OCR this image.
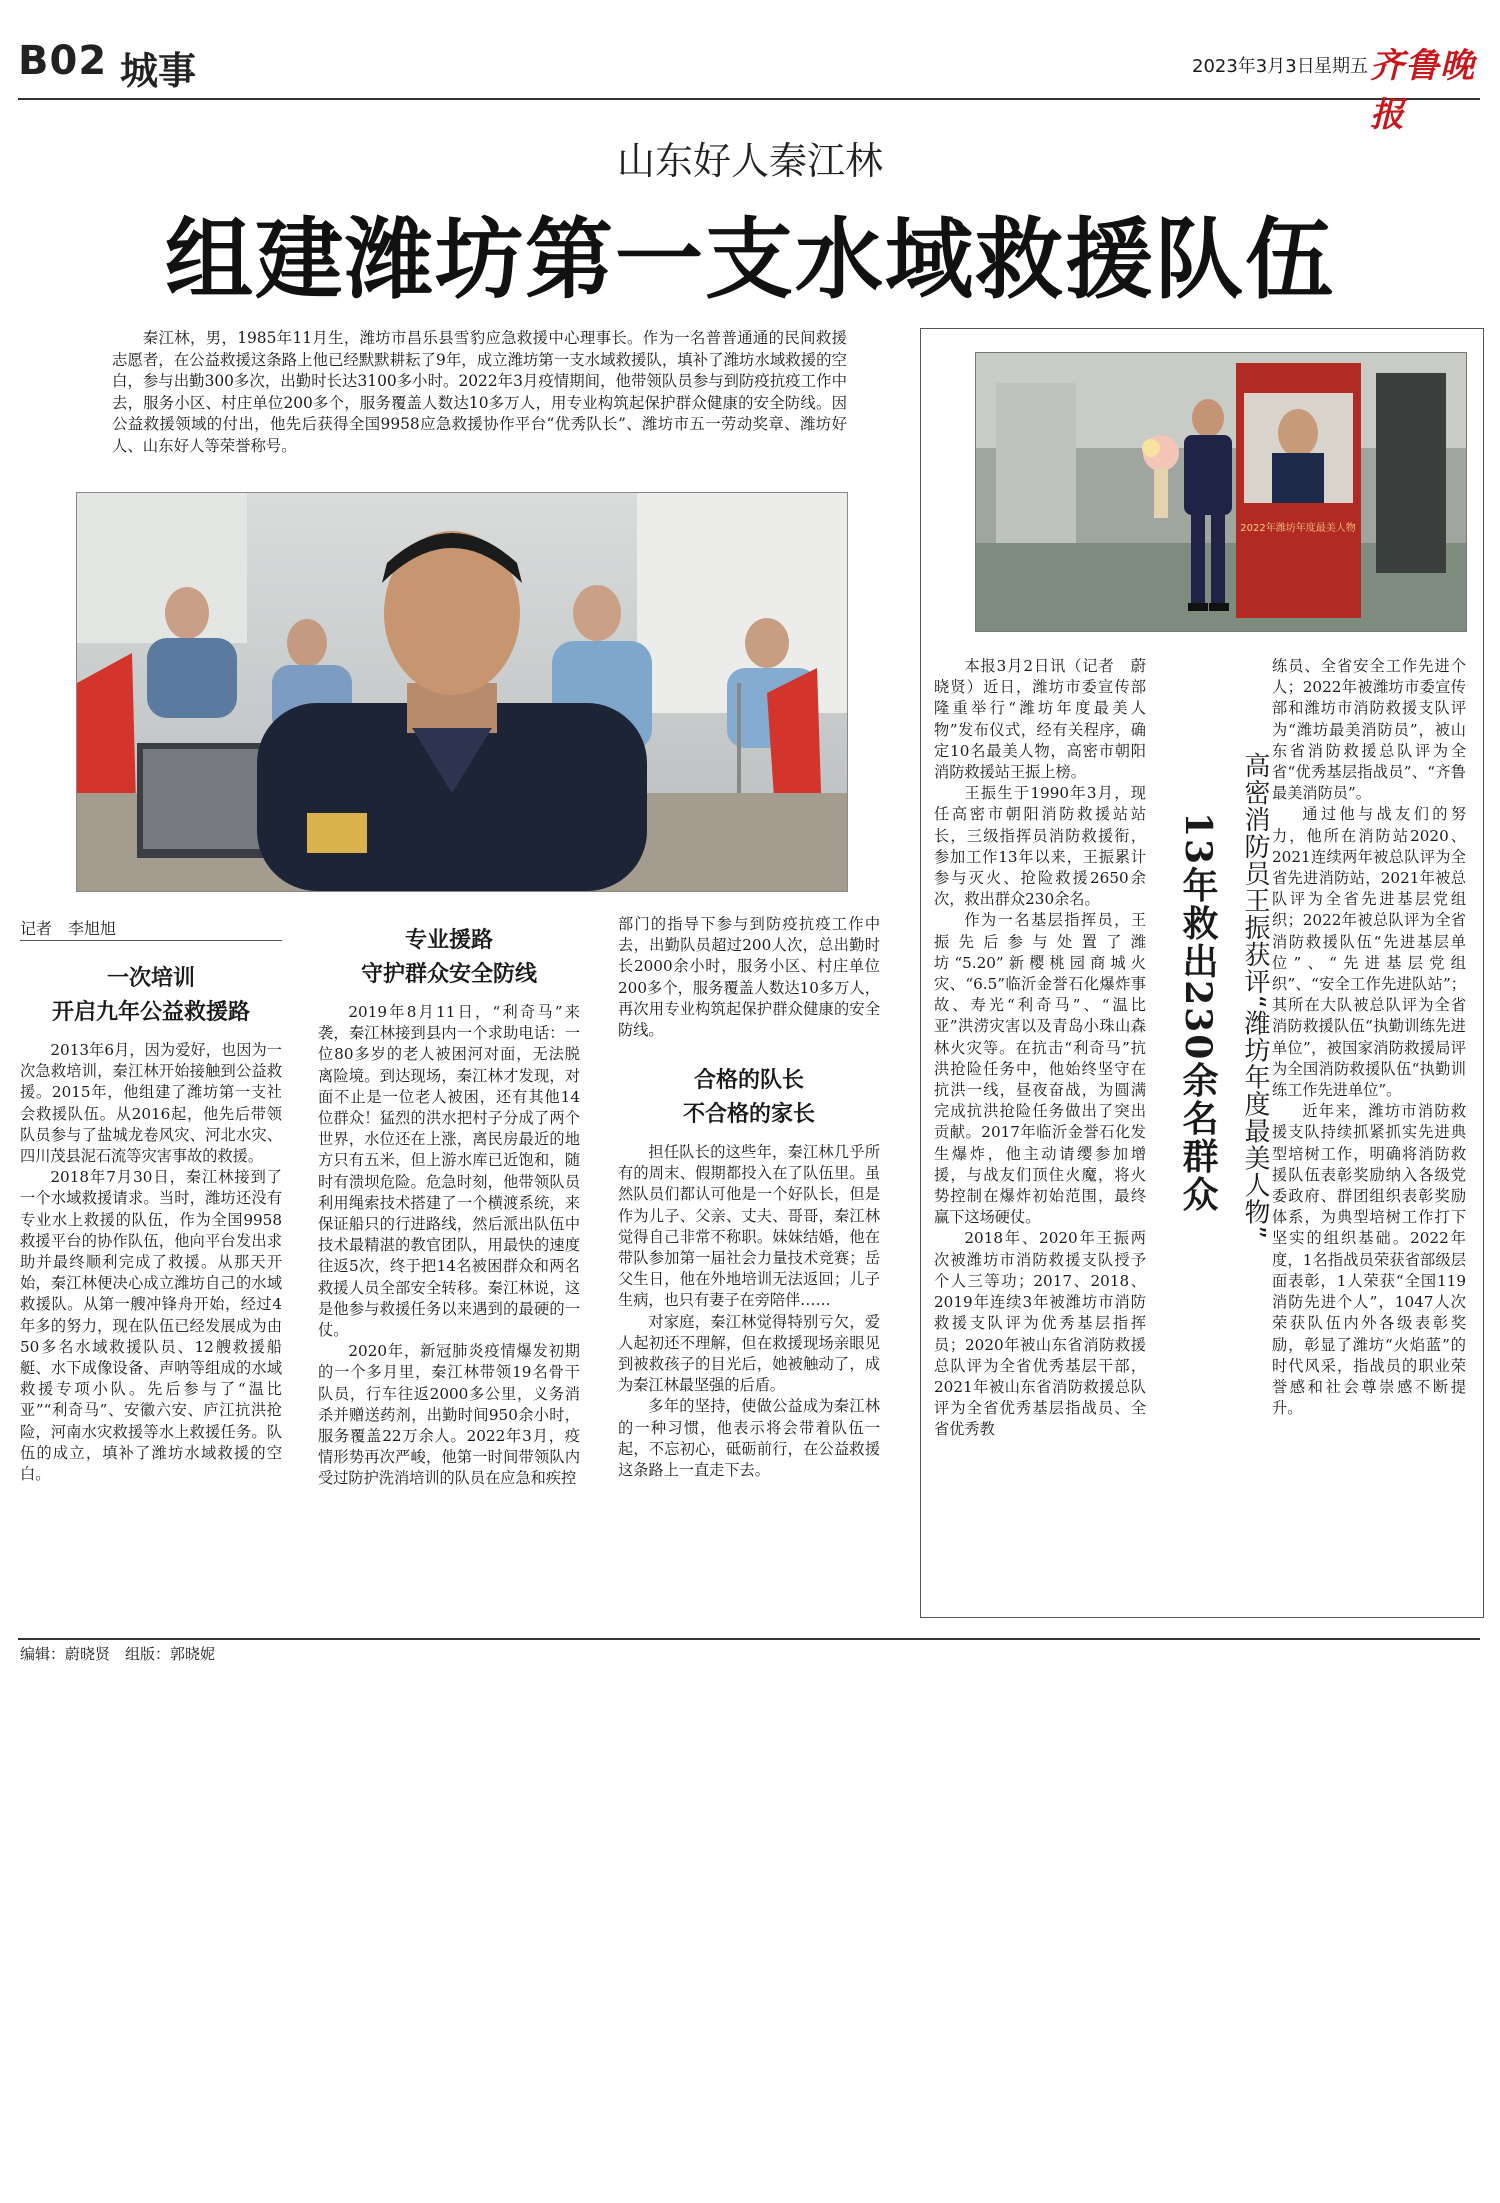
B02 城事	2023年3月3日 星期五 齐鲁晚报
山东好人秦江林
组建潍坊第一支水域救援队伍
秦江林，男，1985年11月生，潍坊市昌乐县雪豹应急救援中心理事长。作为一名普普通通的民间救援志愿者，在公益救援这条路上他已经默默耕耘了9年，成立潍坊第一支水域救援队，填补了潍坊水域救援的空白，参与出勤300多次，出勤时长达3100多小时。2022年3月疫情期间，他带领队员参与到防疫抗疫工作中去，服务小区、村庄单位200多个，服务覆盖人数达10多万人，用专业构筑起保护群众健康的安全防线。因公益救援领域的付出，他先后获得全国9958应急救援协作平台“优秀队长”、潍坊市五一劳动奖章、潍坊好人、山东好人等荣誉称号。
记者　李旭旭
一次培训
开启九年公益救援路

2013年6月，因为爱好，也因为一次急救培训，秦江林开始接触到公益救援。2015年，他组建了潍坊第一支社会救援队伍。从2016起，他先后带领队员参与了盐城龙卷风灾、河北水灾、四川茂县泥石流等灾害事故的救援。

2018年7月30日，秦江林接到了一个水域救援请求。当时，潍坊还没有专业水上救援的队伍，作为全国9958救援平台的协作队伍，他向平台发出求助并最终顺利完成了救援。从那天开始，秦江林便决心成立潍坊自己的水域救援队。从第一艘冲锋舟开始，经过4年多的努力，现在队伍已经发展成为由50多名水域救援队员、12艘救援船艇、水下成像设备、声呐等组成的水域救援专项小队。先后参与了“温比亚”“利奇马”、安徽六安、庐江抗洪抢险，河南水灾救援等水上救援任务。队伍的成立，填补了潍坊水域救援的空白。

专业援路
守护群众安全防线

2019年8月11日，“利奇马”来袭，秦江林接到县内一个求助电话：一位80多岁的老人被困河对面，无法脱离险境。到达现场，秦江林才发现，对面不止是一位老人被困，还有其他14位群众！猛烈的洪水把村子分成了两个世界，水位还在上涨，离民房最近的地方只有五米，但上游水库已近饱和，随时有溃坝危险。危急时刻，他带领队员利用绳索技术搭建了一个横渡系统，来保证船只的行进路线，然后派出队伍中技术最精湛的教官团队，用最快的速度往返5次，终于把14名被困群众和两名救援人员全部安全转移。秦江林说，这是他参与救援任务以来遇到的最硬的一仗。

2020年，新冠肺炎疫情爆发初期的一个多月里，秦江林带领19名骨干队员，行车往返2000多公里，义务消杀并赠送药剂，出勤时间950余小时，服务覆盖22万余人。2022年3月，疫情形势再次严峻，他第一时间带领队内受过防护洗消培训的队员在应急和疾控

部门的指导下参与到防疫抗疫工作中去，出勤队员超过200人次，总出勤时长2000余小时，服务小区、村庄单位200多个，服务覆盖人数达10多万人，再次用专业构筑起保护群众健康的安全防线。

合格的队长
不合格的家长

担任队长的这些年，秦江林几乎所有的周末、假期都投入在了队伍里。虽然队员们都认可他是一个好队长，但是作为儿子、父亲、丈夫、哥哥，秦江林觉得自己非常不称职。妹妹结婚，他在带队参加第一届社会力量技术竞赛；岳父生日，他在外地培训无法返回；儿子生病，也只有妻子在旁陪伴……

对家庭，秦江林觉得特别亏欠，爱人起初还不理解，但在救援现场亲眼见到被救孩子的目光后，她被触动了，成为秦江林最坚强的后盾。

多年的坚持，使做公益成为秦江林的一种习惯，他表示将会带着队伍一起，不忘初心，砥砺前行，在公益救援这条路上一直走下去。

2022年潍坊年度最美人物

本报3月2日讯（记者　蔚晓贤）近日，潍坊市委宣传部隆重举行“潍坊年度最美人物”发布仪式，经有关程序，确定10名最美人物，高密市朝阳消防救援站王振上榜。

王振生于1990年3月，现任高密市朝阳消防救援站站长，三级指挥员消防救援衔，参加工作13年以来，王振累计参与灭火、抢险救援2650余次，救出群众230余名。

作为一名基层指挥员，王振先后参与处置了潍坊“5.20”新樱桃园商城火灾、“6.5”临沂金誉石化爆炸事故、寿光“利奇马”、“温比亚”洪涝灾害以及青岛小珠山森林火灾等。在抗击“利奇马”抗洪抢险任务中，他始终坚守在抗洪一线，昼夜奋战，为圆满完成抗洪抢险任务做出了突出贡献。2017年临沂金誉石化发生爆炸，他主动请缨参加增援，与战友们顶住火魔，将火势控制在爆炸初始范围，最终赢下这场硬仗。

2018年、2020年王振两次被潍坊市消防救援支队授予个人三等功；2017、2018、2019年连续3年被潍坊市消防救援支队评为优秀基层指挥员；2020年被山东省消防救援总队评为全省优秀基层干部，2021年被山东省消防救援总队评为全省优秀基层指战员、全省优秀教

13年救出230余名群众 高密消防员王振获评“潍坊年度最美人物”

练员、全省安全工作先进个人；2022年被潍坊市委宣传部和潍坊市消防救援支队评为“潍坊最美消防员”，被山东省消防救援总队评为全省“优秀基层指战员”、“齐鲁最美消防员”。

通过他与战友们的努力，他所在消防站2020、2021连续两年被总队评为全省先进消防站，2021年被总队评为全省先进基层党组织；2022年被总队评为全省消防救援队伍“先进基层单位”、“先进基层党组织”、“安全工作先进队站”；其所在大队被总队评为全省消防救援队伍“执勤训练先进单位”，被国家消防救援局评为全国消防救援队伍“执勤训练工作先进单位”。

近年来，潍坊市消防救援支队持续抓紧抓实先进典型培树工作，明确将消防救援队伍表彰奖励纳入各级党委政府、群团组织表彰奖励体系，为典型培树工作打下坚实的组织基础。2022年度，1名指战员荣获省部级层面表彰，1人荣获“全国119消防先进个人”，1047人次荣获队伍内外各级表彰奖励，彰显了潍坊“火焰蓝”的时代风采，指战员的职业荣誉感和社会尊崇感不断提升。

编辑：蔚晓贤　组版：郭晓妮
